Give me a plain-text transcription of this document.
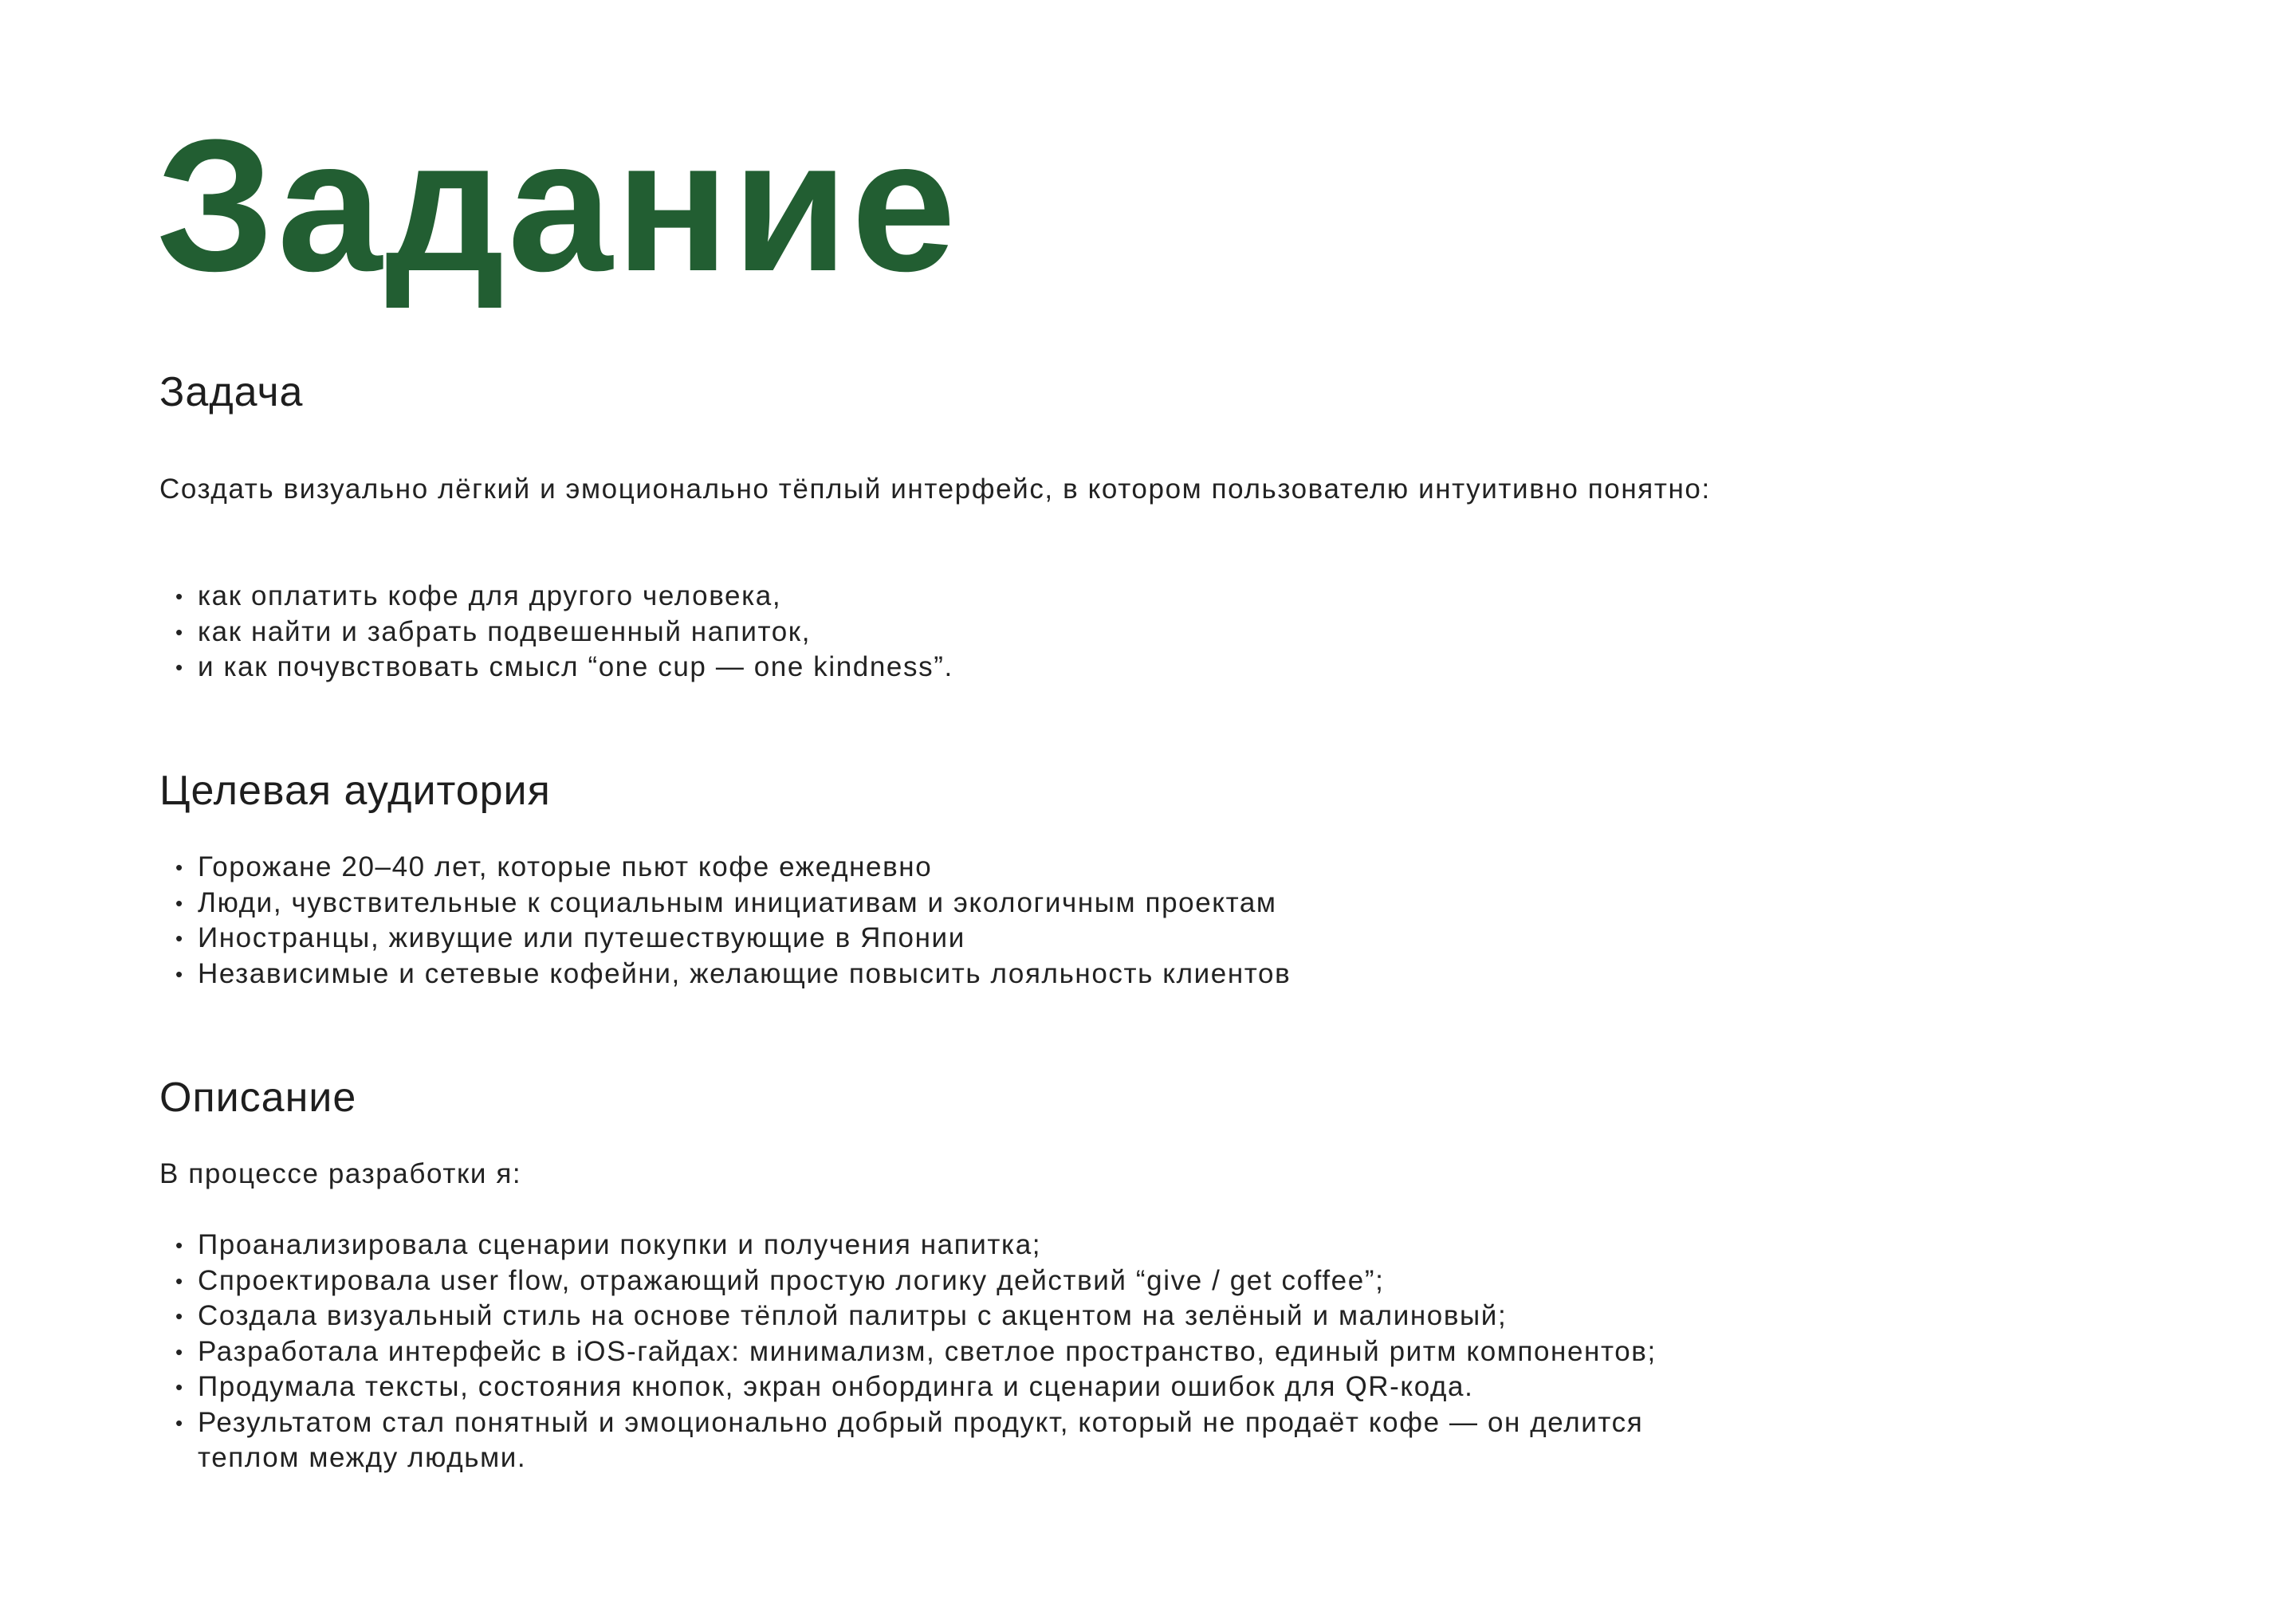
Задание
Задача

Создать визуально лёгкий и эмоционально тёплый интерфейс, в котором пользователю интуитивно понятно:

• как оплатить кофе для другого человека,
• как найти и забрать подвешенный напиток,
• и как почувствовать смысл “one cup — one kindness”.
Целевая аудитория
• Горожане 20–40 лет, которые пьют кофе ежедневно
• Люди, чувствительные к социальным инициативам и экологичным проектам
• Иностранцы, живущие или путешествующие в Японии
• Независимые и сетевые кофейни, желающие повысить лояльность клиентов
Описание

В процессе разработки я:

• Проанализировала сценарии покупки и получения напитка;
• Спроектировала user flow, отражающий простую логику действий “give / get coffee”;
• Создала визуальный стиль на основе тёплой палитры с акцентом на зелёный и малиновый;
• Разработала интерфейс в iOS-гайдах: минимализм, светлое пространство, единый ритм компонентов;
• Продумала тексты, состояния кнопок, экран онбординга и сценарии ошибок для QR-кода.
• Результатом стал понятный и эмоционально добрый продукт, который не продаёт кофе — он делится теплом между людьми.
